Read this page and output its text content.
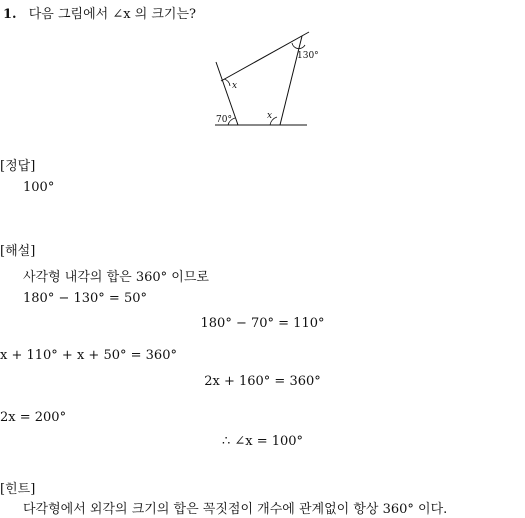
1. 다음 그림에서 ∠x 의 크기는?
70°
130°
x
x
[정답]
100°
[해설]
사각형 내각의 합은 360° 이므로
180° − 130° = 50°
180° − 70° = 110°
x + 110° + x + 50° = 360°
2x + 160° = 360°
2x = 200°
∴ ∠x = 100°
[힌트]
다각형에서 외각의 크기의 합은 꼭짓점이 개수에 관계없이 항상 360° 이다.
